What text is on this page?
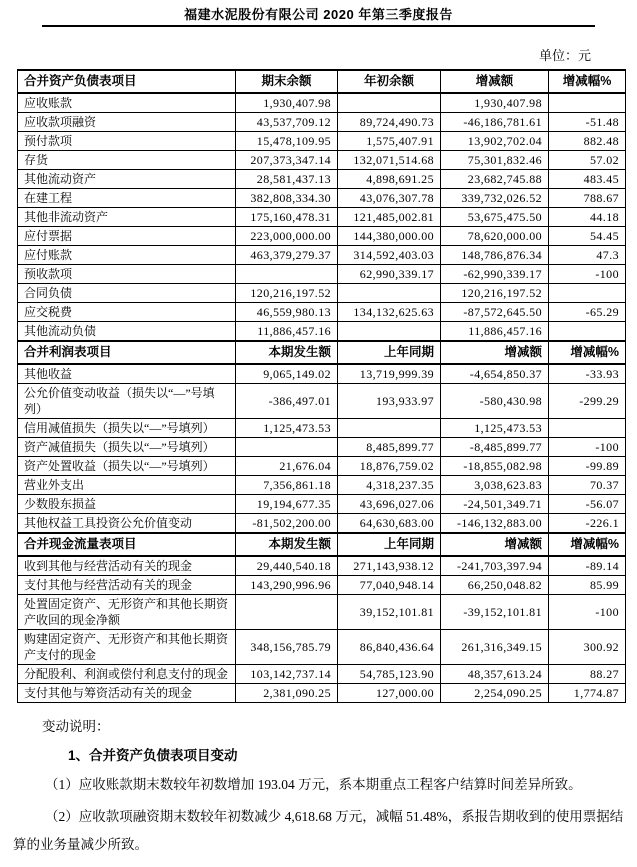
福建水泥股份有限公司 2020 年第三季度报告
单位：元
合并资产负债表项目	期末余额	年初余额	增减额	增减幅%
应收账款	1,930,407.98		1,930,407.98	
应收款项融资	43,537,709.12	89,724,490.73	-46,186,781.61	-51.48
预付款项	15,478,109.95	1,575,407.91	13,902,702.04	882.48
存货	207,373,347.14	132,071,514.68	75,301,832.46	57.02
其他流动资产	28,581,437.13	4,898,691.25	23,682,745.88	483.45
在建工程	382,808,334.30	43,076,307.78	339,732,026.52	788.67
其他非流动资产	175,160,478.31	121,485,002.81	53,675,475.50	44.18
应付票据	223,000,000.00	144,380,000.00	78,620,000.00	54.45
应付账款	463,379,279.37	314,592,403.03	148,786,876.34	47.3
预收款项		62,990,339.17	-62,990,339.17	-100
合同负债	120,216,197.52		120,216,197.52	
应交税费	46,559,980.13	134,132,625.63	-87,572,645.50	-65.29
其他流动负债	11,886,457.16		11,886,457.16	
合并利润表项目	本期发生额	上年同期	增减额	增减幅%
其他收益	9,065,149.02	13,719,999.39	-4,654,850.37	-33.93
公允价值变动收益（损失以“—”号填列）	-386,497.01	193,933.97	-580,430.98	-299.29
信用减值损失（损失以“—”号填列）	1,125,473.53		1,125,473.53	
资产减值损失（损失以“—”号填列）		8,485,899.77	-8,485,899.77	-100
资产处置收益（损失以“—”号填列）	21,676.04	18,876,759.02	-18,855,082.98	-99.89
营业外支出	7,356,861.18	4,318,237.35	3,038,623.83	70.37
少数股东损益	19,194,677.35	43,696,027.06	-24,501,349.71	-56.07
其他权益工具投资公允价值变动	-81,502,200.00	64,630,683.00	-146,132,883.00	-226.1
合并现金流量表项目	本期发生额	上年同期	增减额	增减幅%
收到其他与经营活动有关的现金	29,440,540.18	271,143,938.12	-241,703,397.94	-89.14
支付其他与经营活动有关的现金	143,290,996.96	77,040,948.14	66,250,048.82	85.99
处置固定资产、无形资产和其他长期资产收回的现金净额		39,152,101.81	-39,152,101.81	-100
购建固定资产、无形资产和其他长期资产支付的现金	348,156,785.79	86,840,436.64	261,316,349.15	300.92
分配股利、利润或偿付利息支付的现金	103,142,737.14	54,785,123.90	48,357,613.24	88.27
支付其他与筹资活动有关的现金	2,381,090.25	127,000.00	2,254,090.25	1,774.87
变动说明：
1、合并资产负债表项目变动
（1）应收账款期末数较年初数增加 193.04 万元，系本期重点工程客户结算时间差异所致。
（2）应收款项融资期末数较年初数减少 4,618.68 万元，减幅 51.48%，系报告期收到的使用票据结算的业务量减少所致。
